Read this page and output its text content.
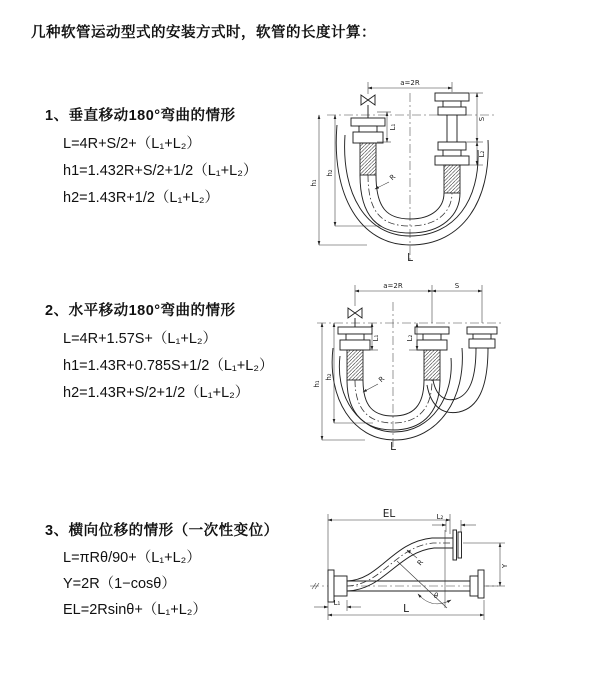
几种软管运动型式的安装方式时，软管的长度计算：
1、垂直移动180°弯曲的情形
L=4R+S/2+（L₁+L₂）
h1=1.432R+S/2+1/2（L₁+L₂）
h2=1.43R+1/2（L₁+L₂）
2、水平移动180°弯曲的情形
L=4R+1.57S+（L₁+L₂）
h1=1.43R+0.785S+1/2（L₁+L₂）
h2=1.43R+S/2+1/2（L₁+L₂）
3、横向位移的情形（一次性变位）
L=πRθ/90+（L₁+L₂）
Y=2R（1−cosθ）
EL=2Rsinθ+（L₁+L₂）
a=2R
L₁
S
L₂
R
h₁
h₂
L
a=2R	S
L₁	L₂
R
h₁
h₂
L
EL	L₂
θ
R	Y
L₁	L
